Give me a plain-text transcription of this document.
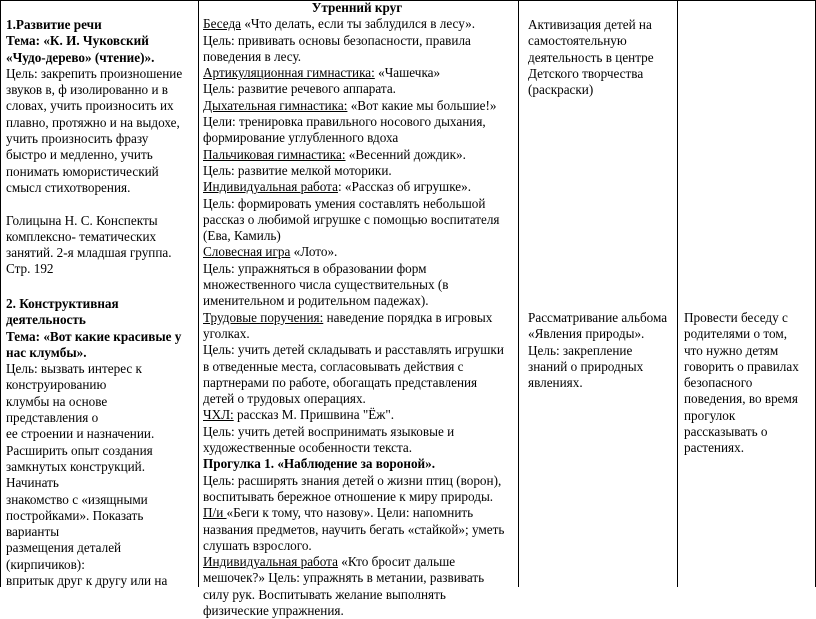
1.Развитие речи
Тема: «К. И. Чуковский
«Чудо-дерево» (чтение)».
Цель: закрепить произношение
звуков в, ф изолированно и в
словах, учить произносить их
плавно, протяжно и на выдохе,
учить произносить фразу
быстро и медленно, учить
понимать юмористический
смысл стихотворения.
Голицына Н. С. Конспекты
комплексно- тематических
занятий. 2-я младшая группа.
Стр. 192
2. Конструктивная
деятельность
Тема: «Вот какие красивые у
нас клумбы».
Цель: вызвать интерес к
конструированию
клумбы на основе
представления о
ее строении и назначении.
Расширить опыт создания
замкнутых конструкций.
Начинать
знакомство с «изящными
постройками». Показать
варианты
размещения деталей
(кирпичиков):
впритык друг к другу или на
Утренний круг
Беседа «Что делать, если ты заблудился в лесу».
Цель: прививать основы безопасности, правила
поведения в лесу.
Артикуляционная гимнастика: «Чашечка»
Цель: развитие речевого аппарата.
Дыхательная гимнастика: «Вот какие мы большие!»
Цели: тренировка правильного носового дыхания,
формирование углубленного вдоха
Пальчиковая гимнастика: «Весенний дождик».
Цель: развитие мелкой моторики.
Индивидуальная работа: «Рассказ об игрушке».
Цель: формировать умения составлять небольшой
рассказ о любимой игрушке с помощью воспитателя
(Ева, Камиль)
Словесная игра «Лото».
Цель: упражняться в образовании форм
множественного числа существительных (в
именительном и родительном падежах).
Трудовые поручения: наведение порядка в игровых
уголках.
Цель: учить детей складывать и расставлять игрушки
в отведенные места, согласовывать действия с
партнерами по работе, обогащать представления
детей о трудовых операциях.
ЧХЛ: рассказ М. Пришвина "Ёж".
Цель: учить детей воспринимать языковые и
художественные особенности текста.
Прогулка 1. «Наблюдение за вороной».
Цель: расширять знания детей о жизни птиц (ворон),
воспитывать бережное отношение к миру природы.
П/и «Беги к тому, что назову». Цели: напомнить
названия предметов, научить бегать «стайкой»; уметь
слушать взрослого.
Индивидуальная работа «Кто бросит дальше
мешочек?» Цель: упражнять в метании, развивать
силу рук. Воспитывать желание выполнять
физические упражнения.
Активизация детей на
самостоятельную
деятельность в центре
Детского творчества
(раскраски)
Рассматривание альбома
«Явления природы».
Цель: закрепление
знаний о природных
явлениях.
Провести беседу с
родителями о том,
что нужно детям
говорить о правилах
безопасного
поведения, во время
прогулок
рассказывать о
растениях.
